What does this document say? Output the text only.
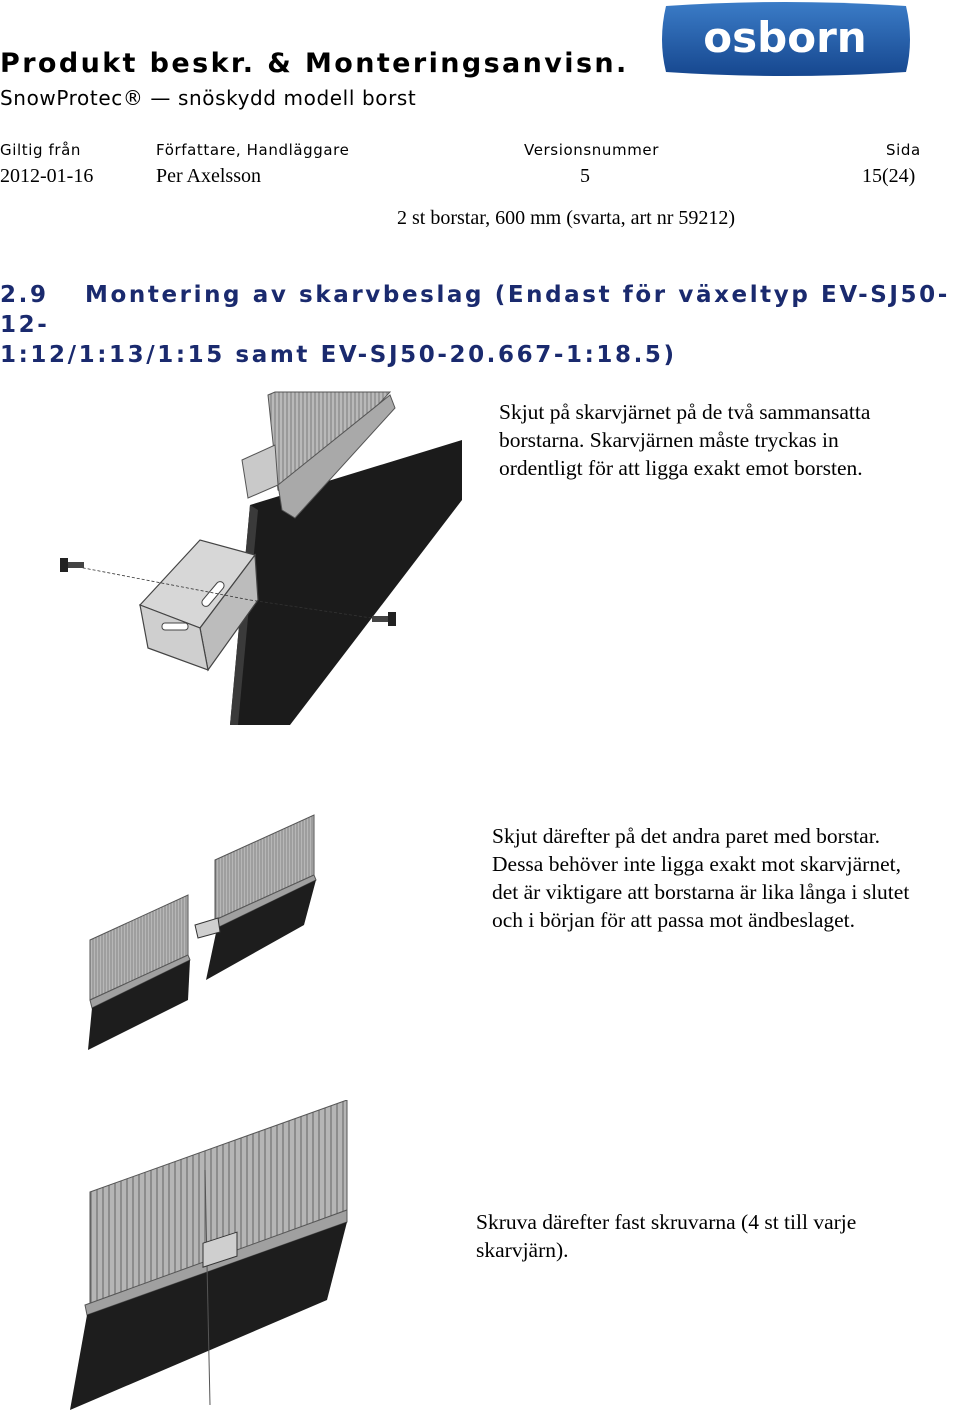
osborn
Produkt beskr. & Monteringsanvisn.
SnowProtec® — snöskydd modell borst
Giltig från	Författare, Handläggare	Versionsnummer	Sida
2012-01-16	Per Axelsson	5	15(24)
2 st borstar, 600 mm (svarta, art nr 59212)
2.9 Montering av skarvbeslag (Endast för växeltyp EV-SJ50-12-
1:12/1:13/1:15 samt EV-SJ50-20.667-1:18.5)
Skjut på skarvjärnet på de två sammansatta
borstarna. Skarvjärnen måste tryckas in
ordentligt för att ligga exakt emot borsten.
Skjut därefter på det andra paret med borstar.
Dessa behöver inte ligga exakt mot skarvjärnet,
det är viktigare att borstarna är lika långa i slutet
och i början för att passa mot ändbeslaget.
Skruva därefter fast skruvarna (4 st till varje
skarvjärn).
